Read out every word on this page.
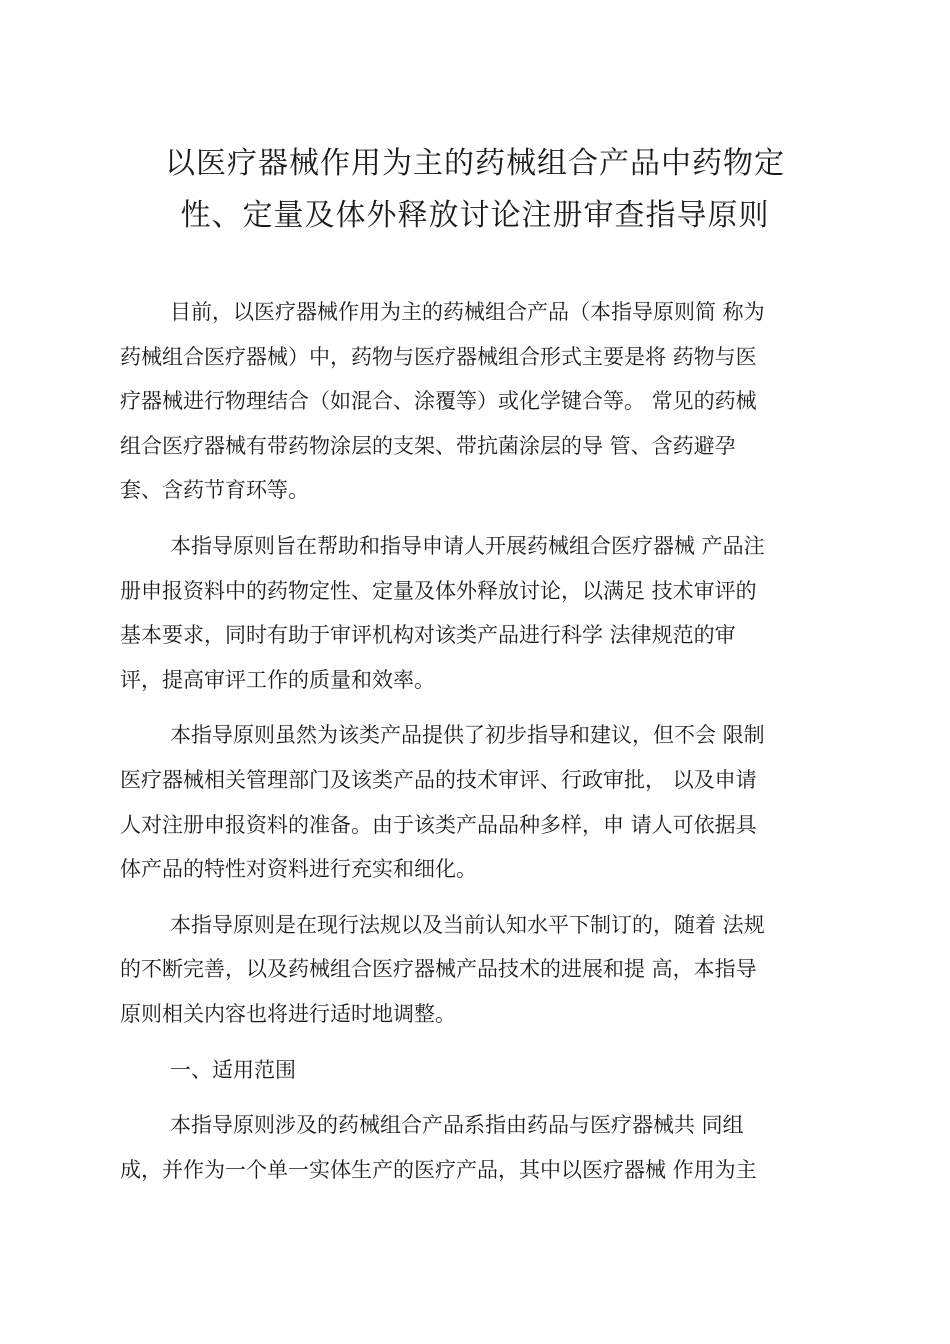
以医疗器械作用为主的药械组合产品中药物定
性、定量及体外释放讨论注册审查指导原则

目前，以医疗器械作用为主的药械组合产品（本指导原则简 称为
药械组合医疗器械）中，药物与医疗器械组合形式主要是将 药物与医
疗器械进行物理结合（如混合、涂覆等）或化学键合等。 常见的药械
组合医疗器械有带药物涂层的支架、带抗菌涂层的导 管、含药避孕
套、含药节育环等。

本指导原则旨在帮助和指导申请人开展药械组合医疗器械 产品注
册申报资料中的药物定性、定量及体外释放讨论，以满足 技术审评的
基本要求，同时有助于审评机构对该类产品进行科学 法律规范的审
评，提高审评工作的质量和效率。

本指导原则虽然为该类产品提供了初步指导和建议，但不会 限制
医疗器械相关管理部门及该类产品的技术审评、行政审批， 以及申请
人对注册申报资料的准备。由于该类产品品种多样，申 请人可依据具
体产品的特性对资料进行充实和细化。

本指导原则是在现行法规以及当前认知水平下制订的，随着 法规
的不断完善，以及药械组合医疗器械产品技术的进展和提 高，本指导
原则相关内容也将进行适时地调整。

一、适用范围

本指导原则涉及的药械组合产品系指由药品与医疗器械共 同组
成，并作为一个单一实体生产的医疗产品，其中以医疗器械 作用为主
